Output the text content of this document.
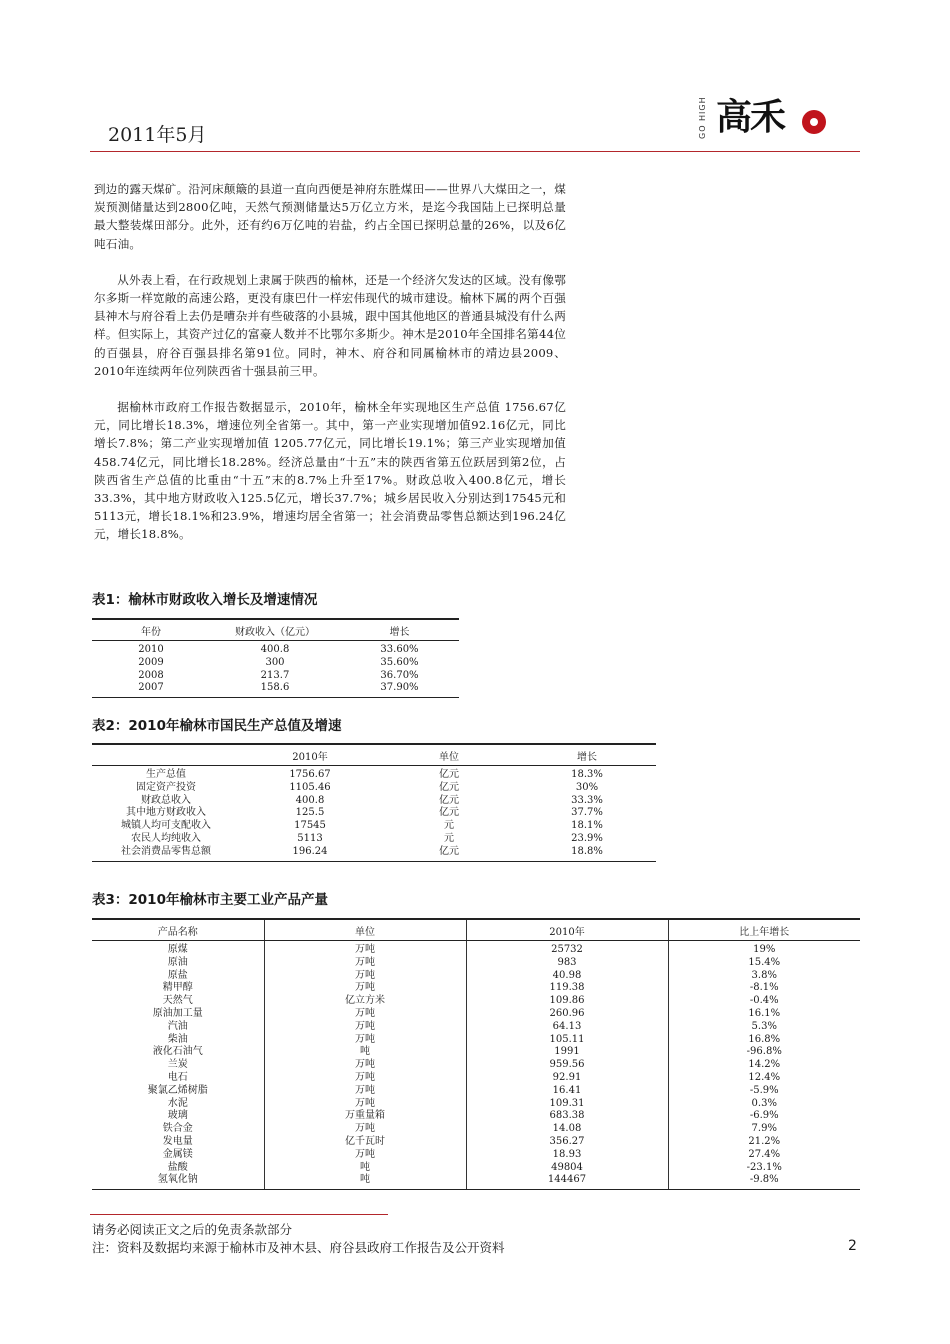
2011年5月	GO HIGH 高禾

到边的露天煤矿。沿河床颠簸的县道一直向西便是神府东胜煤田——世界八大煤田之一，煤炭预测储量达到2800亿吨，天然气预测储量达5万亿立方米，是迄今我国陆上已探明总量最大整装煤田部分。此外，还有约6万亿吨的岩盐，约占全国已探明总量的26%，以及6亿吨石油。

从外表上看，在行政规划上隶属于陕西的榆林，还是一个经济欠发达的区域。没有像鄂尔多斯一样宽敞的高速公路，更没有康巴什一样宏伟现代的城市建设。榆林下属的两个百强县神木与府谷看上去仍是嘈杂并有些破落的小县城，跟中国其他地区的普通县城没有什么两样。但实际上，其资产过亿的富豪人数并不比鄂尔多斯少。神木是2010年全国排名第44位的百强县，府谷百强县排名第91位。同时，神木、府谷和同属榆林市的靖边县2009、2010年连续两年位列陕西省十强县前三甲。

据榆林市政府工作报告数据显示，2010年，榆林全年实现地区生产总值 1756.67亿元，同比增长18.3%，增速位列全省第一。其中，第一产业实现增加值92.16亿元，同比增长7.8%；第二产业实现增加值 1205.77亿元，同比增长19.1%；第三产业实现增加值458.74亿元，同比增长18.28%。经济总量由“十五”末的陕西省第五位跃居到第2位，占陕西省生产总值的比重由“十五”末的8.7%上升至17%。财政总收入400.8亿元，增长33.3%，其中地方财政收入125.5亿元，增长37.7%；城乡居民收入分别达到17545元和5113元，增长18.1%和23.9%，增速均居全省第一；社会消费品零售总额达到196.24亿元，增长18.8%。

表1：榆林市财政收入增长及增速情况
年份	财政收入（亿元）	增长
2010	400.8	33.60%
2009	300	35.60%
2008	213.7	36.70%
2007	158.6	37.90%
表2：2010年榆林市国民生产总值及增速
	2010年	单位	增长
生产总值	1756.67	亿元	18.3%
固定资产投资	1105.46	亿元	30%
财政总收入	400.8	亿元	33.3%
其中地方财政收入	125.5	亿元	37.7%
城镇人均可支配收入	17545	元	18.1%
农民人均纯收入	5113	元	23.9%
社会消费品零售总额	196.24	亿元	18.8%
表3：2010年榆林市主要工业产品产量
产品名称	单位	2010年	比上年增长
原煤	万吨	25732	19%
原油	万吨	983	15.4%
原盐	万吨	40.98	3.8%
精甲醇	万吨	119.38	-8.1%
天然气	亿立方米	109.86	-0.4%
原油加工量	万吨	260.96	16.1%
汽油	万吨	64.13	5.3%
柴油	万吨	105.11	16.8%
液化石油气	吨	1991	-96.8%
兰炭	万吨	959.56	14.2%
电石	万吨	92.91	12.4%
聚氯乙烯树脂	万吨	16.41	-5.9%
水泥	万吨	109.31	0.3%
玻璃	万重量箱	683.38	-6.9%
铁合金	万吨	14.08	7.9%
发电量	亿千瓦时	356.27	21.2%
金属镁	万吨	18.93	27.4%
盐酸	吨	49804	-23.1%
氢氧化钠	吨	144467	-9.8%
请务必阅读正文之后的免责条款部分
注：资料及数据均来源于榆林市及神木县、府谷县政府工作报告及公开资料	2
